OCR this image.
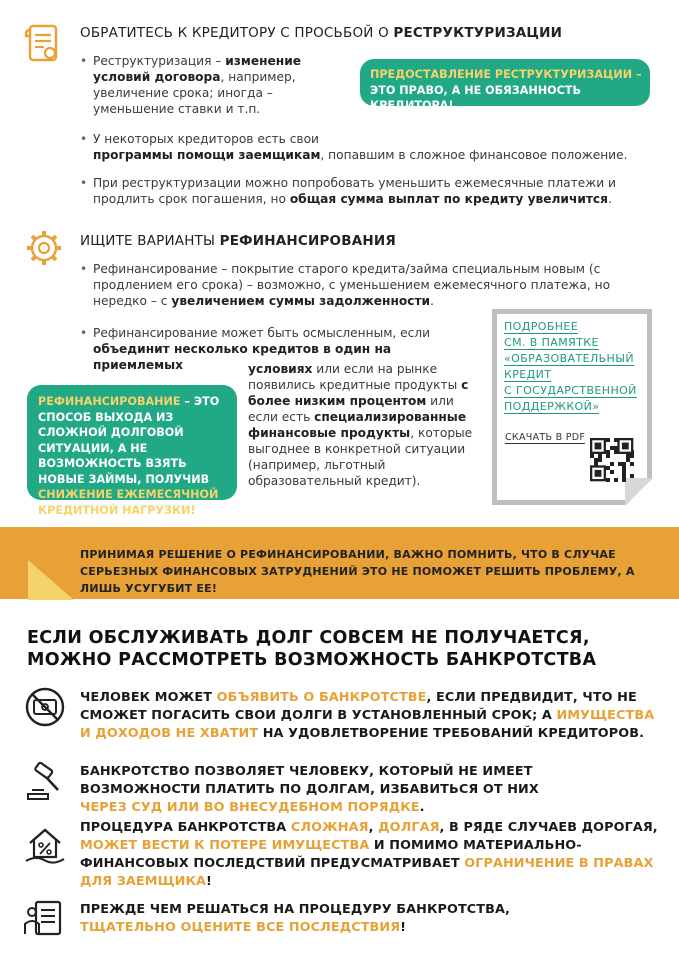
ОБРАТИТЕСЬ К КРЕДИТОРУ С ПРОСЬБОЙ О РЕСТРУКТУРИЗАЦИИ
• Реструктуризация – изменение условий договора, например, увеличение срока; иногда – уменьшение ставки и т.п.
ПРЕДОСТАВЛЕНИЕ РЕСТРУКТУРИЗАЦИИ –
ЭТО ПРАВО, А НЕ ОБЯЗАННОСТЬ КРЕДИТОРА!
• У некоторых кредиторов есть свои
программы помощи заемщикам, попавшим в сложное финансовое положение.
• При реструктуризации можно попробовать уменьшить ежемесячные платежи и продлить срок погашения, но общая сумма выплат по кредиту увеличится.
ИЩИТЕ ВАРИАНТЫ РЕФИНАНСИРОВАНИЯ
• Рефинансирование – покрытие старого кредита/займа специальным новым (с продлением его срока) – возможно, с уменьшением ежемесячного платежа, но нередко – с увеличением суммы задолженности.
• Рефинансирование может быть осмысленным, если объединит несколько кредитов в один на приемлемых	условиях или если на рынке появились кредитные продукты с более низким процентом или если есть специализированные финансовые продукты, которые выгоднее в конкретной ситуации (например, льготный образовательный кредит).
РЕФИНАНСИРОВАНИЕ – ЭТО СПОСОБ ВЫХОДА ИЗ СЛОЖНОЙ ДОЛГОВОЙ СИТУАЦИИ, А НЕ ВОЗМОЖНОСТЬ ВЗЯТЬ НОВЫЕ ЗАЙМЫ, ПОЛУЧИВ СНИЖЕНИЕ ЕЖЕМЕСЯЧНОЙ КРЕДИТНОЙ НАГРУЗКИ!
ПОДРОБНЕЕ
СМ. В ПАМЯТКЕ
«ОБРАЗОВАТЕЛЬНЫЙ
КРЕДИТ
С ГОСУДАРСТВЕННОЙ
ПОДДЕРЖКОЙ»
СКАЧАТЬ В PDF
ПРИНИМАЯ РЕШЕНИЕ О РЕФИНАНСИРОВАНИИ, ВАЖНО ПОМНИТЬ, ЧТО В СЛУЧАЕ СЕРЬЕЗНЫХ ФИНАНСОВЫХ ЗАТРУДНЕНИЙ ЭТО НЕ ПОМОЖЕТ РЕШИТЬ ПРОБЛЕМУ, А ЛИШЬ УСУГУБИТ ЕЕ!
ЕСЛИ ОБСЛУЖИВАТЬ ДОЛГ СОВСЕМ НЕ ПОЛУЧАЕТСЯ,
МОЖНО РАССМОТРЕТЬ ВОЗМОЖНОСТЬ БАНКРОТСТВА
ЧЕЛОВЕК МОЖЕТ ОБЪЯВИТЬ О БАНКРОТСТВЕ, ЕСЛИ ПРЕДВИДИТ, ЧТО НЕ СМОЖЕТ ПОГАСИТЬ СВОИ ДОЛГИ В УСТАНОВЛЕННЫЙ СРОК; А ИМУЩЕСТВА И ДОХОДОВ НЕ ХВАТИТ НА УДОВЛЕТВОРЕНИЕ ТРЕБОВАНИЙ КРЕДИТОРОВ.
БАНКРОТСТВО ПОЗВОЛЯЕТ ЧЕЛОВЕКУ, КОТОРЫЙ НЕ ИМЕЕТ ВОЗМОЖНОСТИ ПЛАТИТЬ ПО ДОЛГАМ, ИЗБАВИТЬСЯ ОТ НИХ ЧЕРЕЗ СУД ИЛИ ВО ВНЕСУДЕБНОМ ПОРЯДКЕ.
ПРОЦЕДУРА БАНКРОТСТВА СЛОЖНАЯ, ДОЛГАЯ, В РЯДЕ СЛУЧАЕВ ДОРОГАЯ, МОЖЕТ ВЕСТИ К ПОТЕРЕ ИМУЩЕСТВА И ПОМИМО МАТЕРИАЛЬНО-ФИНАНСОВЫХ ПОСЛЕДСТВИЙ ПРЕДУСМАТРИВАЕТ ОГРАНИЧЕНИЕ В ПРАВАХ ДЛЯ ЗАЕМЩИКА!
ПРЕЖДЕ ЧЕМ РЕШАТЬСЯ НА ПРОЦЕДУРУ БАНКРОТСТВА,
ТЩАТЕЛЬНО ОЦЕНИТЕ ВСЕ ПОСЛЕДСТВИЯ!
